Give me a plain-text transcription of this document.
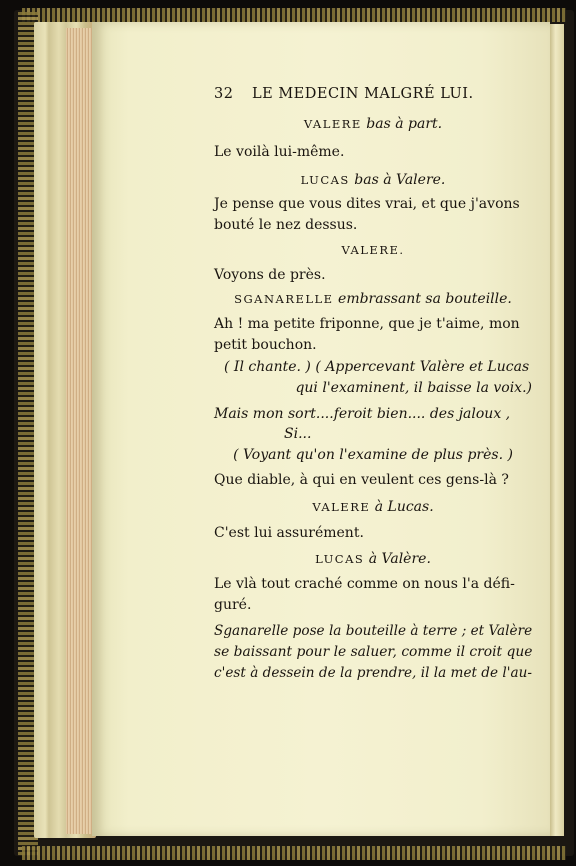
32 LE MEDECIN MALGRÉ LUI.
VALERE bas à part.
Le voilà lui-même.
LUCAS bas à Valere.
Je pense que vous dites vrai, et que j'avons
bouté le nez dessus.
VALERE.
Voyons de près.
SGANARELLE embrassant sa bouteille.
Ah ! ma petite friponne, que je t'aime, mon
petit bouchon.
( Il chante. ) ( Appercevant Valère et Lucas
qui l'examinent, il baisse la voix.)
Mais mon sort....feroit bien.... des jaloux ,
Si...
( Voyant qu'on l'examine de plus près. )
Que diable, à qui en veulent ces gens-là ?
VALERE à Lucas.
C'est lui assurément.
LUCAS à Valère.
Le vlà tout craché comme on nous l'a défi-
guré.
Sganarelle pose la bouteille à terre ; et Valère
se baissant pour le saluer, comme il croit que
c'est à dessein de la prendre, il la met de l'au-
